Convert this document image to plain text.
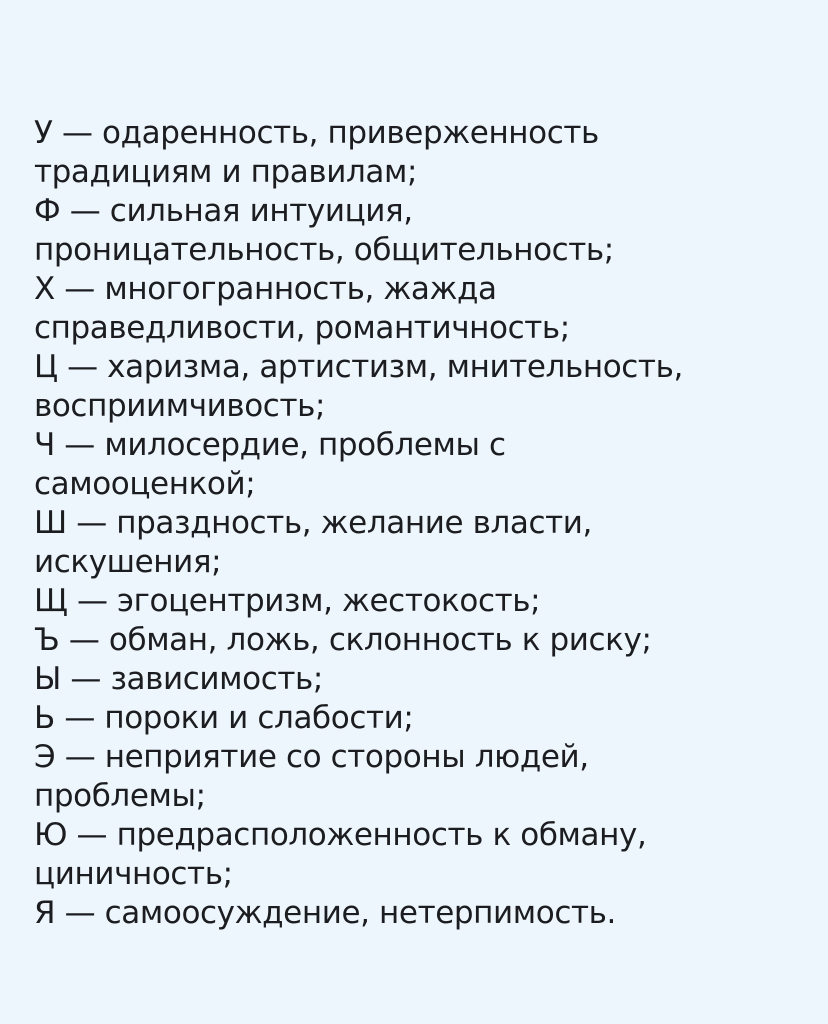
У — одаренность, приверженность
традициям и правилам;
Ф — сильная интуиция,
проницательность, общительность;
Х — многогранность, жажда
справедливости, романтичность;
Ц — харизма, артистизм, мнительность,
восприимчивость;
Ч — милосердие, проблемы с
самооценкой;
Ш — праздность, желание власти,
искушения;
Щ — эгоцентризм, жестокость;
Ъ — обман, ложь, склонность к риску;
Ы — зависимость;
Ь — пороки и слабости;
Э — неприятие со стороны людей,
проблемы;
Ю — предрасположенность к обману,
циничность;
Я — самоосуждение, нетерпимость.
